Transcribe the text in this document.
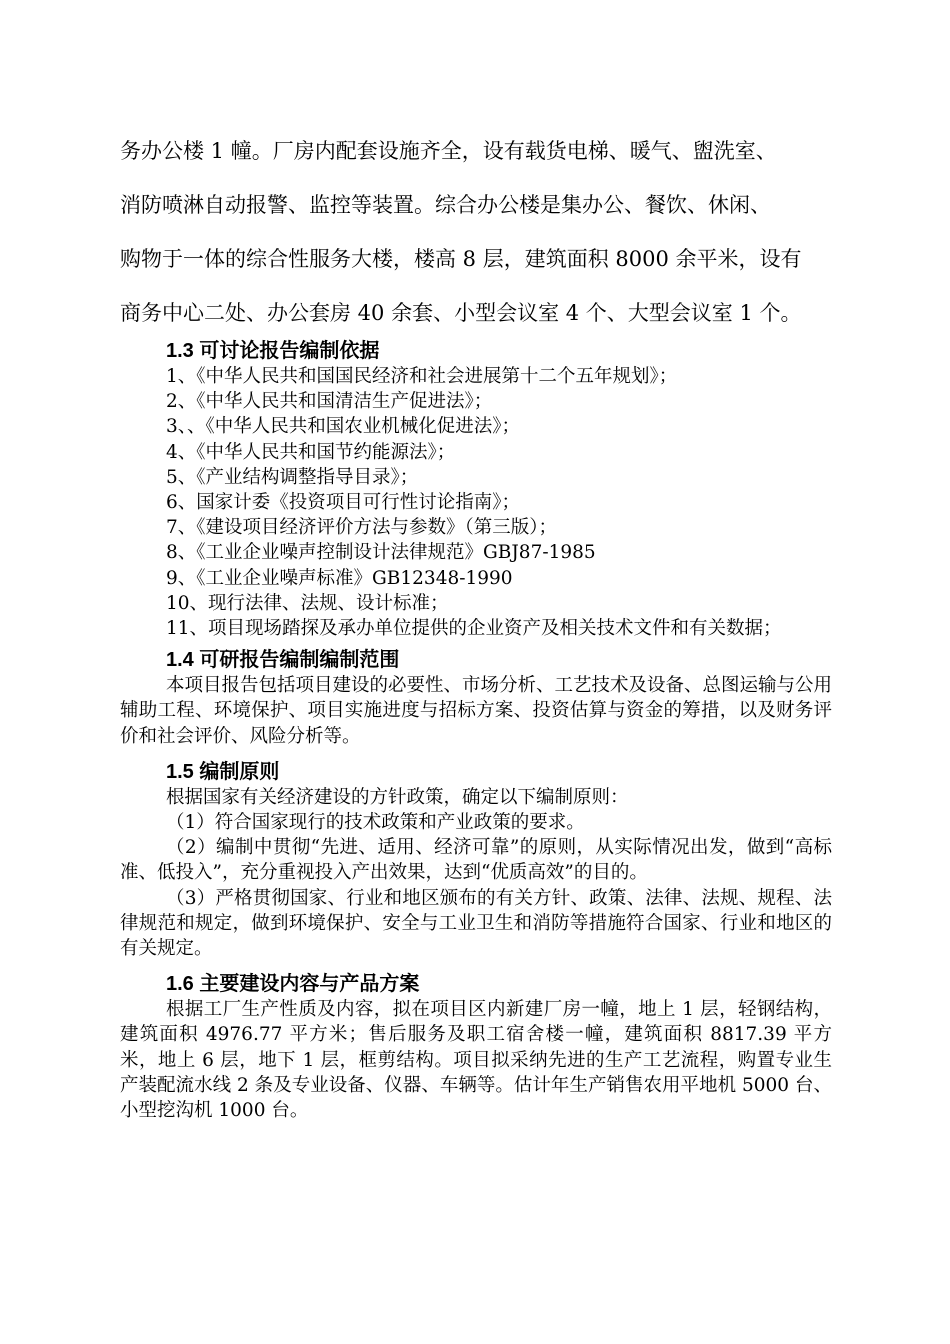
务办公楼 1 幢。厂房内配套设施齐全，设有载货电梯、暖气、盥洗室、

消防喷淋自动报警、监控等装置。综合办公楼是集办公、餐饮、休闲、

购物于一体的综合性服务大楼，楼高 8 层，建筑面积 8000 余平米，设有

商务中心二处、办公套房 40 余套、小型会议室 4 个、大型会议室 1 个。

1.3 可讨论报告编制依据
1、《中华人民共和国国民经济和社会进展第十二个五年规划》；
2、《中华人民共和国清洁生产促进法》；
3、、《中华人民共和国农业机械化促进法》；
4、《中华人民共和国节约能源法》；
5、《产业结构调整指导目录》；
6、国家计委《投资项目可行性讨论指南》；
7、《建设项目经济评价方法与参数》（第三版）；
8、《工业企业噪声控制设计法律规范》GBJ87-1985
9、《工业企业噪声标准》GB12348-1990
10、现行法律、法规、设计标准；
11、项目现场踏探及承办单位提供的企业资产及相关技术文件和有关数据；
1.4 可研报告编制编制范围

本项目报告包括项目建设的必要性、市场分析、工艺技术及设备、总图运输与公用辅助工程、环境保护、项目实施进度与招标方案、投资估算与资金的筹措，以及财务评价和社会评价、风险分析等。

1.5 编制原则

根据国家有关经济建设的方针政策，确定以下编制原则：

（1）符合国家现行的技术政策和产业政策的要求。

（2）编制中贯彻“先进、适用、经济可靠”的原则，从实际情况出发，做到“高标准、低投入”，充分重视投入产出效果，达到“优质高效”的目的。

（3）严格贯彻国家、行业和地区颁布的有关方针、政策、法律、法规、规程、法律规范和规定，做到环境保护、安全与工业卫生和消防等措施符合国家、行业和地区的有关规定。

1.6 主要建设内容与产品方案

根据工厂生产性质及内容，拟在项目区内新建厂房一幢，地上 1 层，轻钢结构，建筑面积 4976.77 平方米；售后服务及职工宿舍楼一幢，建筑面积 8817.39 平方米，地上 6 层，地下 1 层，框剪结构。项目拟采纳先进的生产工艺流程，购置专业生产装配流水线 2 条及专业设备、仪器、车辆等。估计年生产销售农用平地机 5000 台、小型挖沟机 1000 台。
